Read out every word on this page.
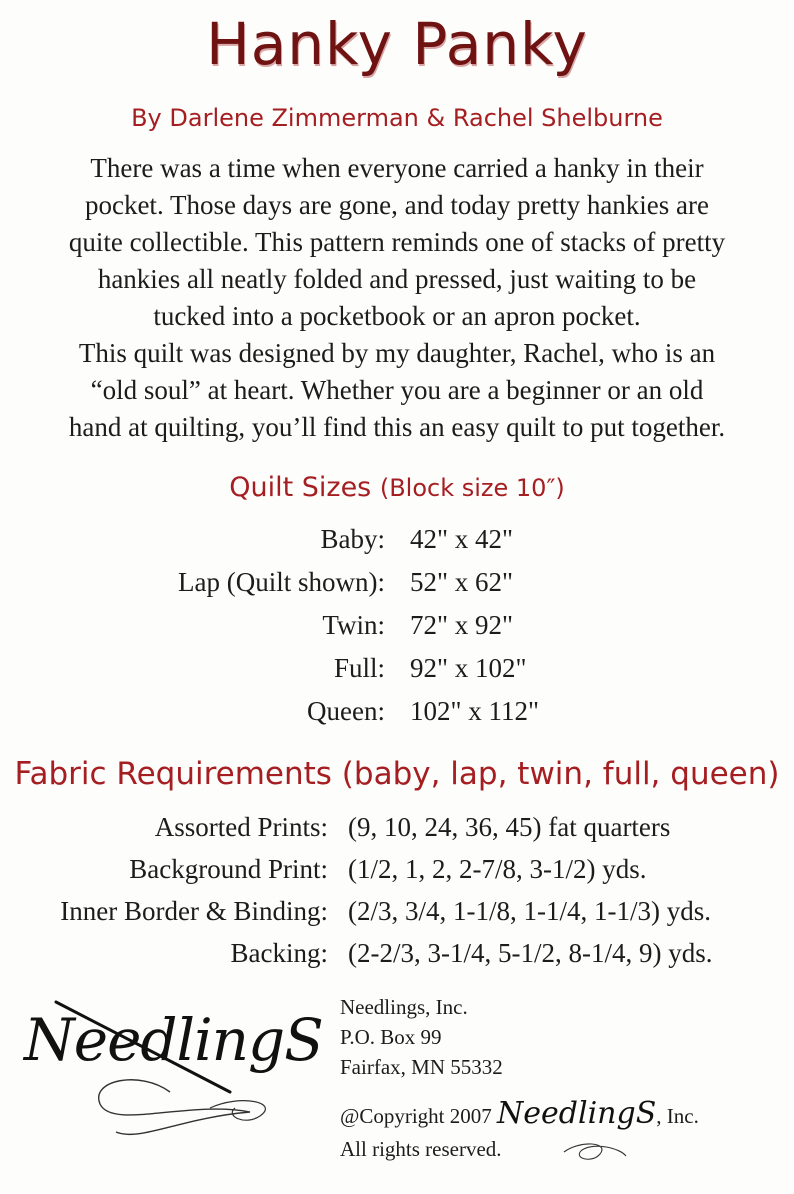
Hanky Panky
By Darlene Zimmerman & Rachel Shelburne

There was a time when everyone carried a hanky in their
pocket. Those days are gone, and today pretty hankies are
quite collectible. This pattern reminds one of stacks of pretty
hankies all neatly folded and pressed, just waiting to be
tucked into a pocketbook or an apron pocket.

This quilt was designed by my daughter, Rachel, who is an
“old soul” at heart. Whether you are a beginner or an old
hand at quilting, you’ll find this an easy quilt to put together.

Quilt Sizes (Block size 10″)
Baby: 42" x 42"
Lap (Quilt shown): 52" x 62"
Twin: 72" x 92"
Full: 92" x 102"
Queen: 102" x 112"
Fabric Requirements (baby, lap, twin, full, queen)
Assorted Prints: (9, 10, 24, 36, 45) fat quarters
Background Print: (1/2, 1, 2, 2-7/8, 3-1/2) yds.
Inner Border & Binding: (2/3, 3/4, 1-1/8, 1-1/4, 1-1/3) yds.
Backing: (2-2/3, 3-1/4, 5-1/2, 8-1/4, 9) yds.
NeedlingS Needlings, Inc.
P.O. Box 99
Fairfax, MN 55332
@Copyright 2007 NeedlingS, Inc.
All rights reserved.
